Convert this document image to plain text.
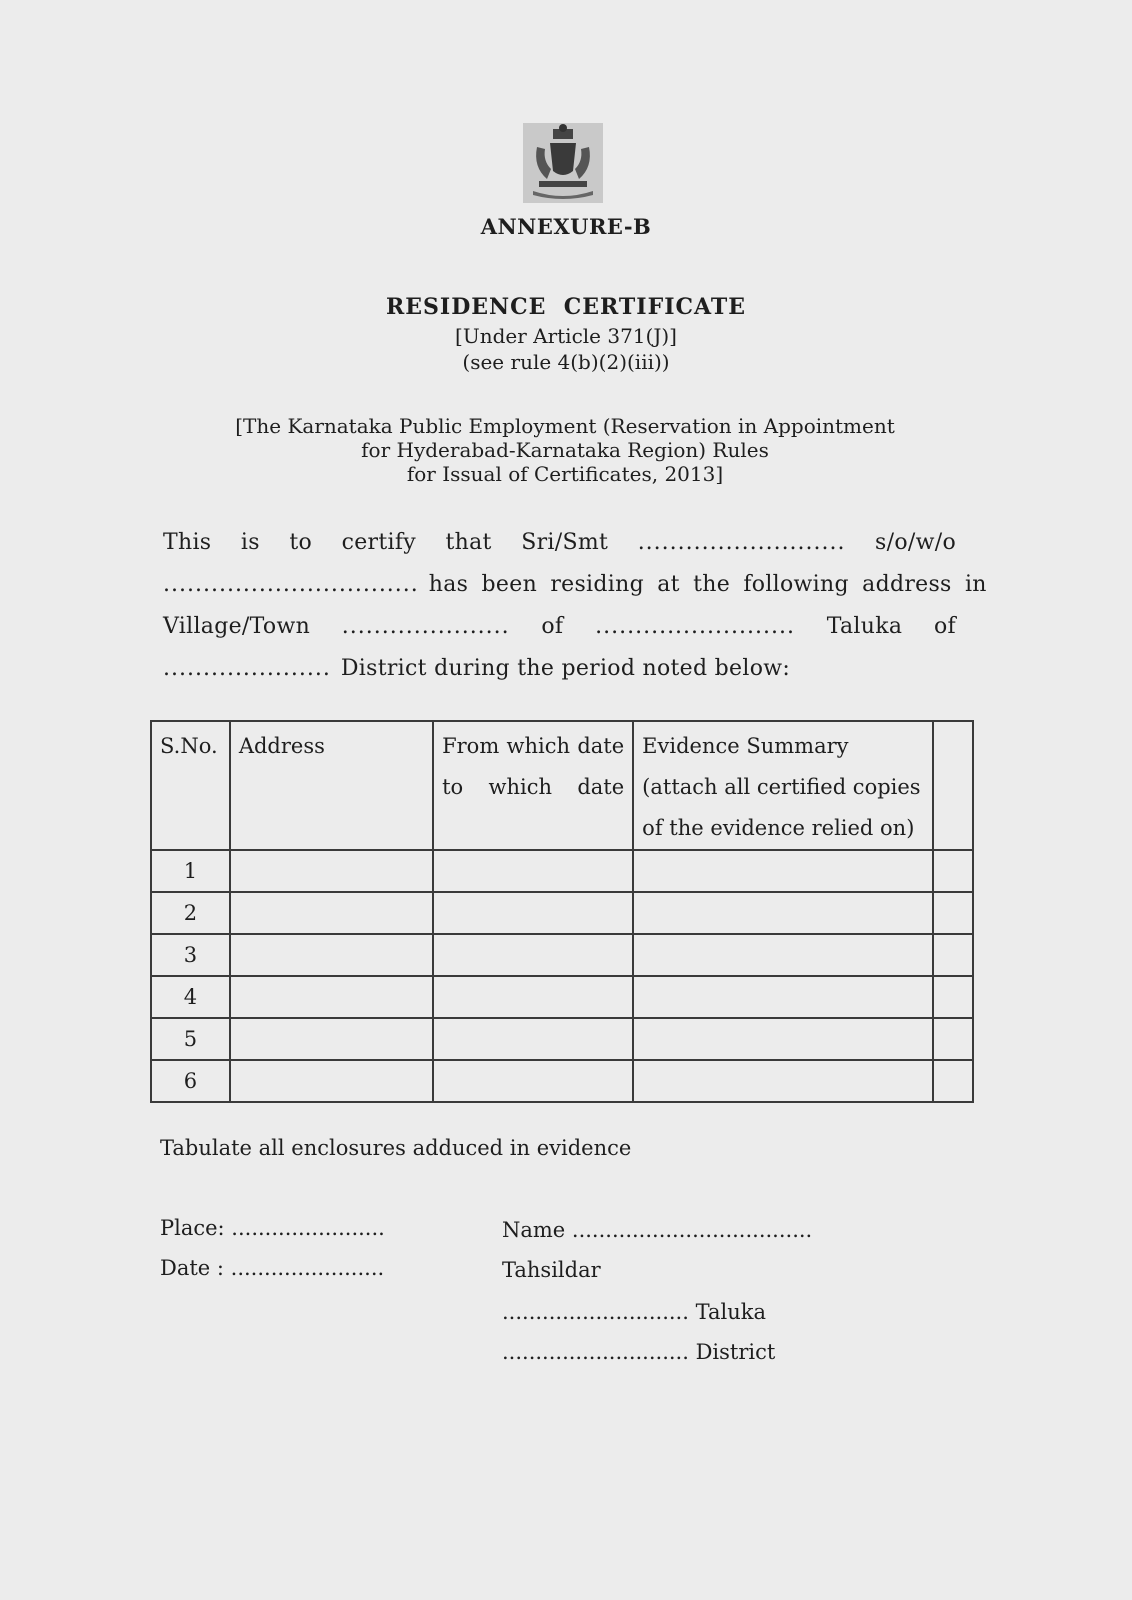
ANNEXURE-B
RESIDENCE  CERTIFICATE
[Under Article 371(J)]
(see rule 4(b)(2)(iii))
[The Karnataka Public Employment (Reservation in Appointment
for Hyderabad-Karnataka Region) Rules
for Issual of Certificates, 2013]
This is to certify that Sri/Smt .......................... s/o/w/o
................................ has been residing at the following address in
Village/Town ..................... of ......................... Taluka of
..................... District during the period noted below:
S.No.	Address	From which date to which date	Evidence Summary (attach all certified copies of the evidence relied on)	
1				
2				
3				
4				
5				
6				
Tabulate all enclosures adduced in evidence
Place: .......................
Date : .......................
Name ....................................
Tahsildar
............................ Taluka
............................ District
